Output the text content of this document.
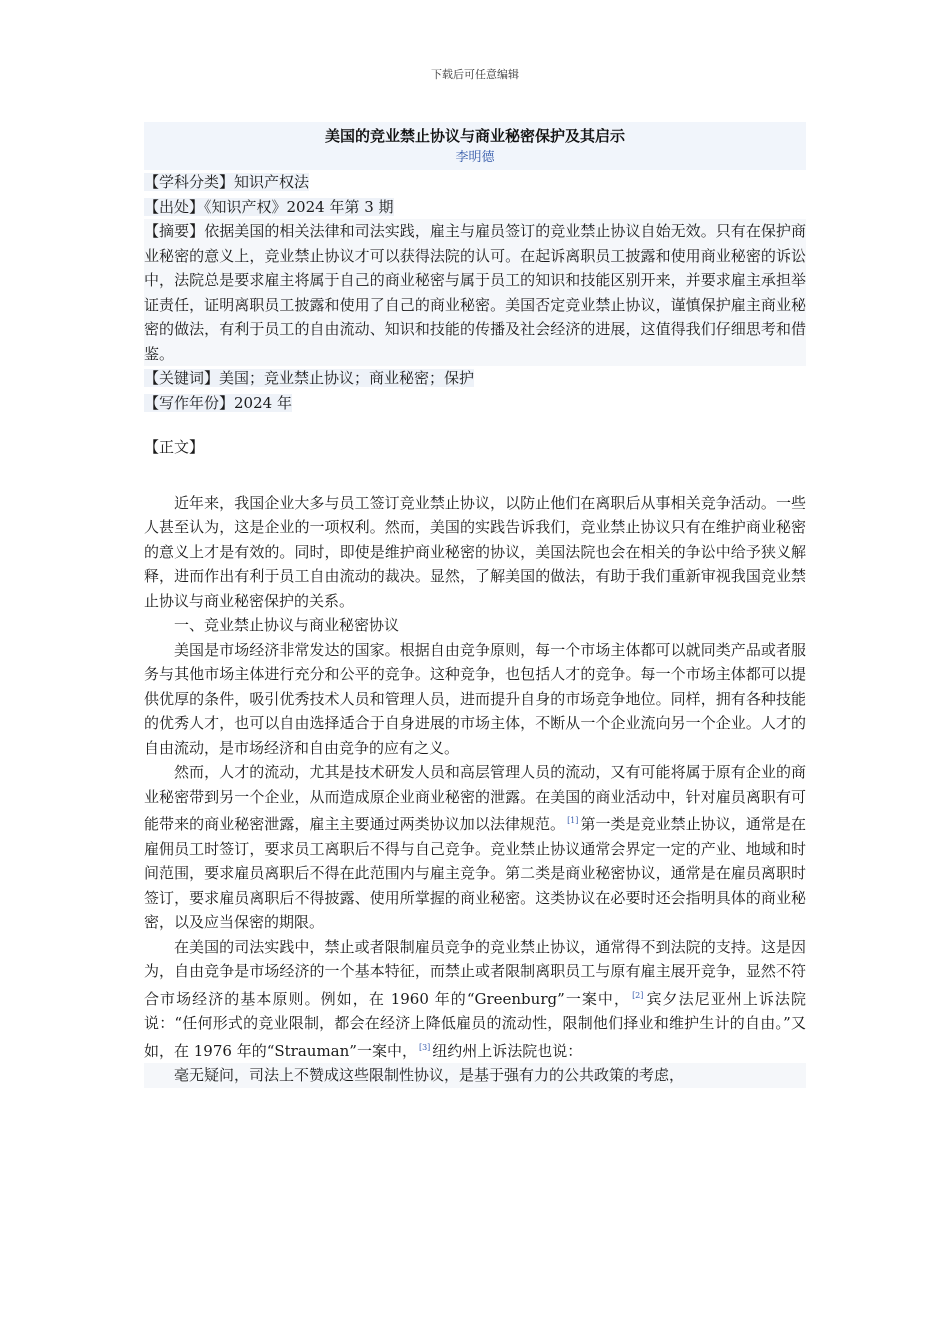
下载后可任意编辑
美国的竞业禁止协议与商业秘密保护及其启示
李明德
【学科分类】知识产权法
【出处】《知识产权》2024 年第 3 期
【摘要】依据美国的相关法律和司法实践，雇主与雇员签订的竞业禁止协议自始无效。只有在保护商业秘密的意义上，竞业禁止协议才可以获得法院的认可。在起诉离职员工披露和使用商业秘密的诉讼中，法院总是要求雇主将属于自己的商业秘密与属于员工的知识和技能区别开来，并要求雇主承担举证责任，证明离职员工披露和使用了自己的商业秘密。美国否定竞业禁止协议，谨慎保护雇主商业秘密的做法，有利于员工的自由流动、知识和技能的传播及社会经济的进展，这值得我们仔细思考和借鉴。
【关键词】美国；竞业禁止协议；商业秘密；保护
【写作年份】2024 年
【正文】

近年来，我国企业大多与员工签订竞业禁止协议，以防止他们在离职后从事相关竞争活动。一些人甚至认为，这是企业的一项权利。然而，美国的实践告诉我们，竞业禁止协议只有在维护商业秘密的意义上才是有效的。同时，即使是维护商业秘密的协议，美国法院也会在相关的争讼中给予狭义解释，进而作出有利于员工自由流动的裁决。显然，了解美国的做法，有助于我们重新审视我国竞业禁止协议与商业秘密保护的关系。

一、竞业禁止协议与商业秘密协议

美国是市场经济非常发达的国家。根据自由竞争原则，每一个市场主体都可以就同类产品或者服务与其他市场主体进行充分和公平的竞争。这种竞争，也包括人才的竞争。每一个市场主体都可以提供优厚的条件，吸引优秀技术人员和管理人员，进而提升自身的市场竞争地位。同样，拥有各种技能的优秀人才，也可以自由选择适合于自身进展的市场主体，不断从一个企业流向另一个企业。人才的自由流动，是市场经济和自由竞争的应有之义。

然而，人才的流动，尤其是技术研发人员和高层管理人员的流动，又有可能将属于原有企业的商业秘密带到另一个企业，从而造成原企业商业秘密的泄露。在美国的商业活动中，针对雇员离职有可能带来的商业秘密泄露，雇主主要通过两类协议加以法律规范。 [1] 第一类是竞业禁止协议，通常是在雇佣员工时签订，要求员工离职后不得与自己竞争。竞业禁止协议通常会界定一定的产业、地域和时间范围，要求雇员离职后不得在此范围内与雇主竞争。第二类是商业秘密协议，通常是在雇员离职时签订，要求雇员离职后不得披露、使用所掌握的商业秘密。这类协议在必要时还会指明具体的商业秘密，以及应当保密的期限。

在美国的司法实践中，禁止或者限制雇员竞争的竞业禁止协议，通常得不到法院的支持。这是因为，自由竞争是市场经济的一个基本特征，而禁止或者限制离职员工与原有雇主展开竞争，显然不符合市场经济的基本原则。例如，在 1960 年的“Greenburg”一案中， [2] 宾夕法尼亚州上诉法院说：“任何形式的竞业限制，都会在经济上降低雇员的流动性，限制他们择业和维护生计的自由。”又如，在 1976 年的“Strauman”一案中， [3] 纽约州上诉法院也说：

毫无疑问，司法上不赞成这些限制性协议，是基于强有力的公共政策的考虑，
